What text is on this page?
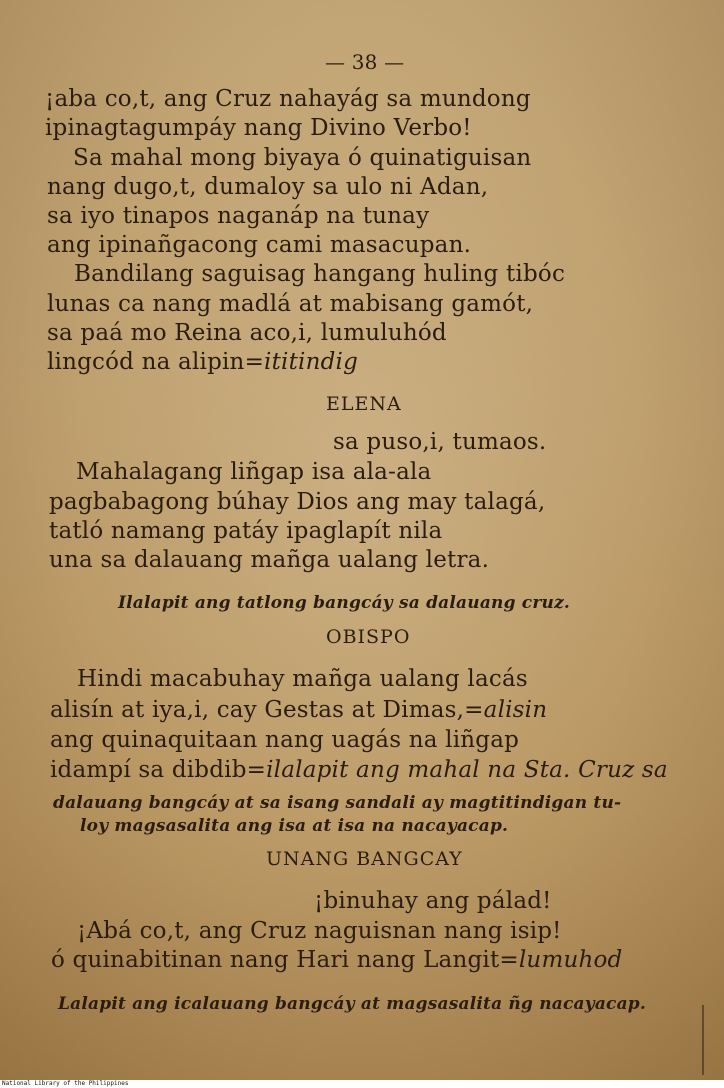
— 38 —
¡aba co,t, ang Cruz nahayág sa mundong
ipinagtagumpáy nang Divino Verbo!
Sa mahal mong biyaya ó quinatiguisan
nang dugo,t, dumaloy sa ulo ni Adan,
sa iyo tinapos naganáp na tunay
ang ipinañgacong cami masacupan.
Bandilang saguisag hangang huling tibóc
lunas ca nang madlá at mabisang gamót,
sa paá mo Reina aco,i, lumuluhód
lingcód na alipin=ititindig
ELENA
sa puso,i, tumaos.
Mahalagang liñgap isa ala-ala
pagbabagong búhay Dios ang may talagá,
tatló namang patáy ipaglapít nila
una sa dalauang mañga ualang letra.
Ilalapit ang tatlong bangcáy sa dalauang cruz.
OBISPO
Hindi macabuhay mañga ualang lacás
alisín at iya,i, cay Gestas at Dimas,=alisin
ang quinaquitaan nang uagás na liñgap
idampí sa dibdib=ilalapit ang mahal na Sta. Cruz sa
dalauang bangcáy at sa isang sandali ay magtitindigan tu-
loy magsasalita ang isa at isa na nacayacap.
UNANG BANGCAY
¡binuhay ang pálad!
¡Abá co,t, ang Cruz naguisnan nang isip!
ó quinabitinan nang Hari nang Langit=lumuhod
Lalapit ang icalauang bangcáy at magsasalita ñg nacayacap.
National Library of the Philippines
